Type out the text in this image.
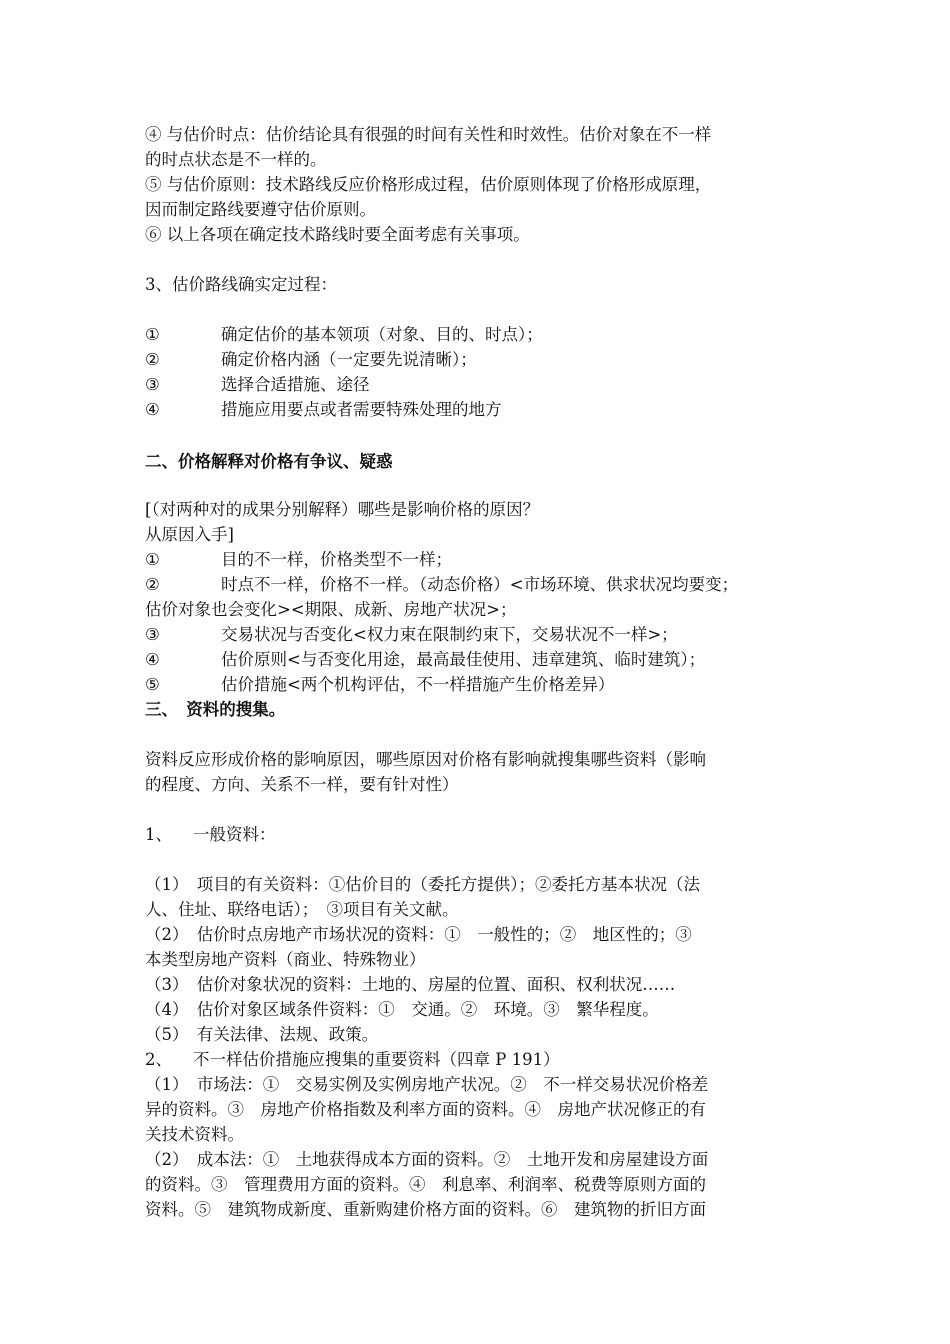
④ 与估价时点：估价结论具有很强的时间有关性和时效性。估价对象在不一样
的时点状态是不一样的。
⑤ 与估价原则：技术路线反应价格形成过程，估价原则体现了价格形成原理，
因而制定路线要遵守估价原则。
⑥ 以上各项在确定技术路线时要全面考虑有关事项。
3、估价路线确实定过程：
①	确定估价的基本领项（对象、目的、时点）；
②	确定价格内涵（一定要先说清晰）；
③	选择合适措施、途径
④	措施应用要点或者需要特殊处理的地方
二、价格解释对价格有争议、疑惑
[（对两种对的成果分别解释）哪些是影响价格的原因？
从原因入手]
①	目的不一样，价格类型不一样；
②	时点不一样，价格不一样。（动态价格）<市场环境、供求状况均要变；
估价对象也会变化><期限、成新、房地产状况>；
③	交易状况与否变化<权力束在限制约束下，交易状况不一样>；
④	估价原则<与否变化用途，最高最佳使用、违章建筑、临时建筑）；
⑤	估价措施<两个机构评估，不一样措施产生价格差异）
三、　资料的搜集。
资料反应形成价格的影响原因，哪些原因对价格有影响就搜集哪些资料（影响
的程度、方向、关系不一样，要有针对性）
1、 一般资料：
（1）　项目的有关资料：①估价目的（委托方提供）；②委托方基本状况（法
人、住址、联络电话）；　③项目有关文献。
（2）　估价时点房地产市场状况的资料：①　一般性的；②　地区性的；③
本类型房地产资料（商业、特殊物业）
（3）　估价对象状况的资料：土地的、房屋的位置、面积、权利状况……
（4）　估价对象区域条件资料：①　交通。②　环境。③　繁华程度。
（5）　有关法律、法规、政策。
2、 不一样估价措施应搜集的重要资料（四章 P 191）
（1）　市场法：①　交易实例及实例房地产状况。②　不一样交易状况价格差
异的资料。③　房地产价格指数及利率方面的资料。④　房地产状况修正的有
关技术资料。
（2）　成本法：①　土地获得成本方面的资料。②　土地开发和房屋建设方面
的资料。③　管理费用方面的资料。④　利息率、利润率、税费等原则方面的
资料。⑤　建筑物成新度、重新购建价格方面的资料。⑥　建筑物的折旧方面
